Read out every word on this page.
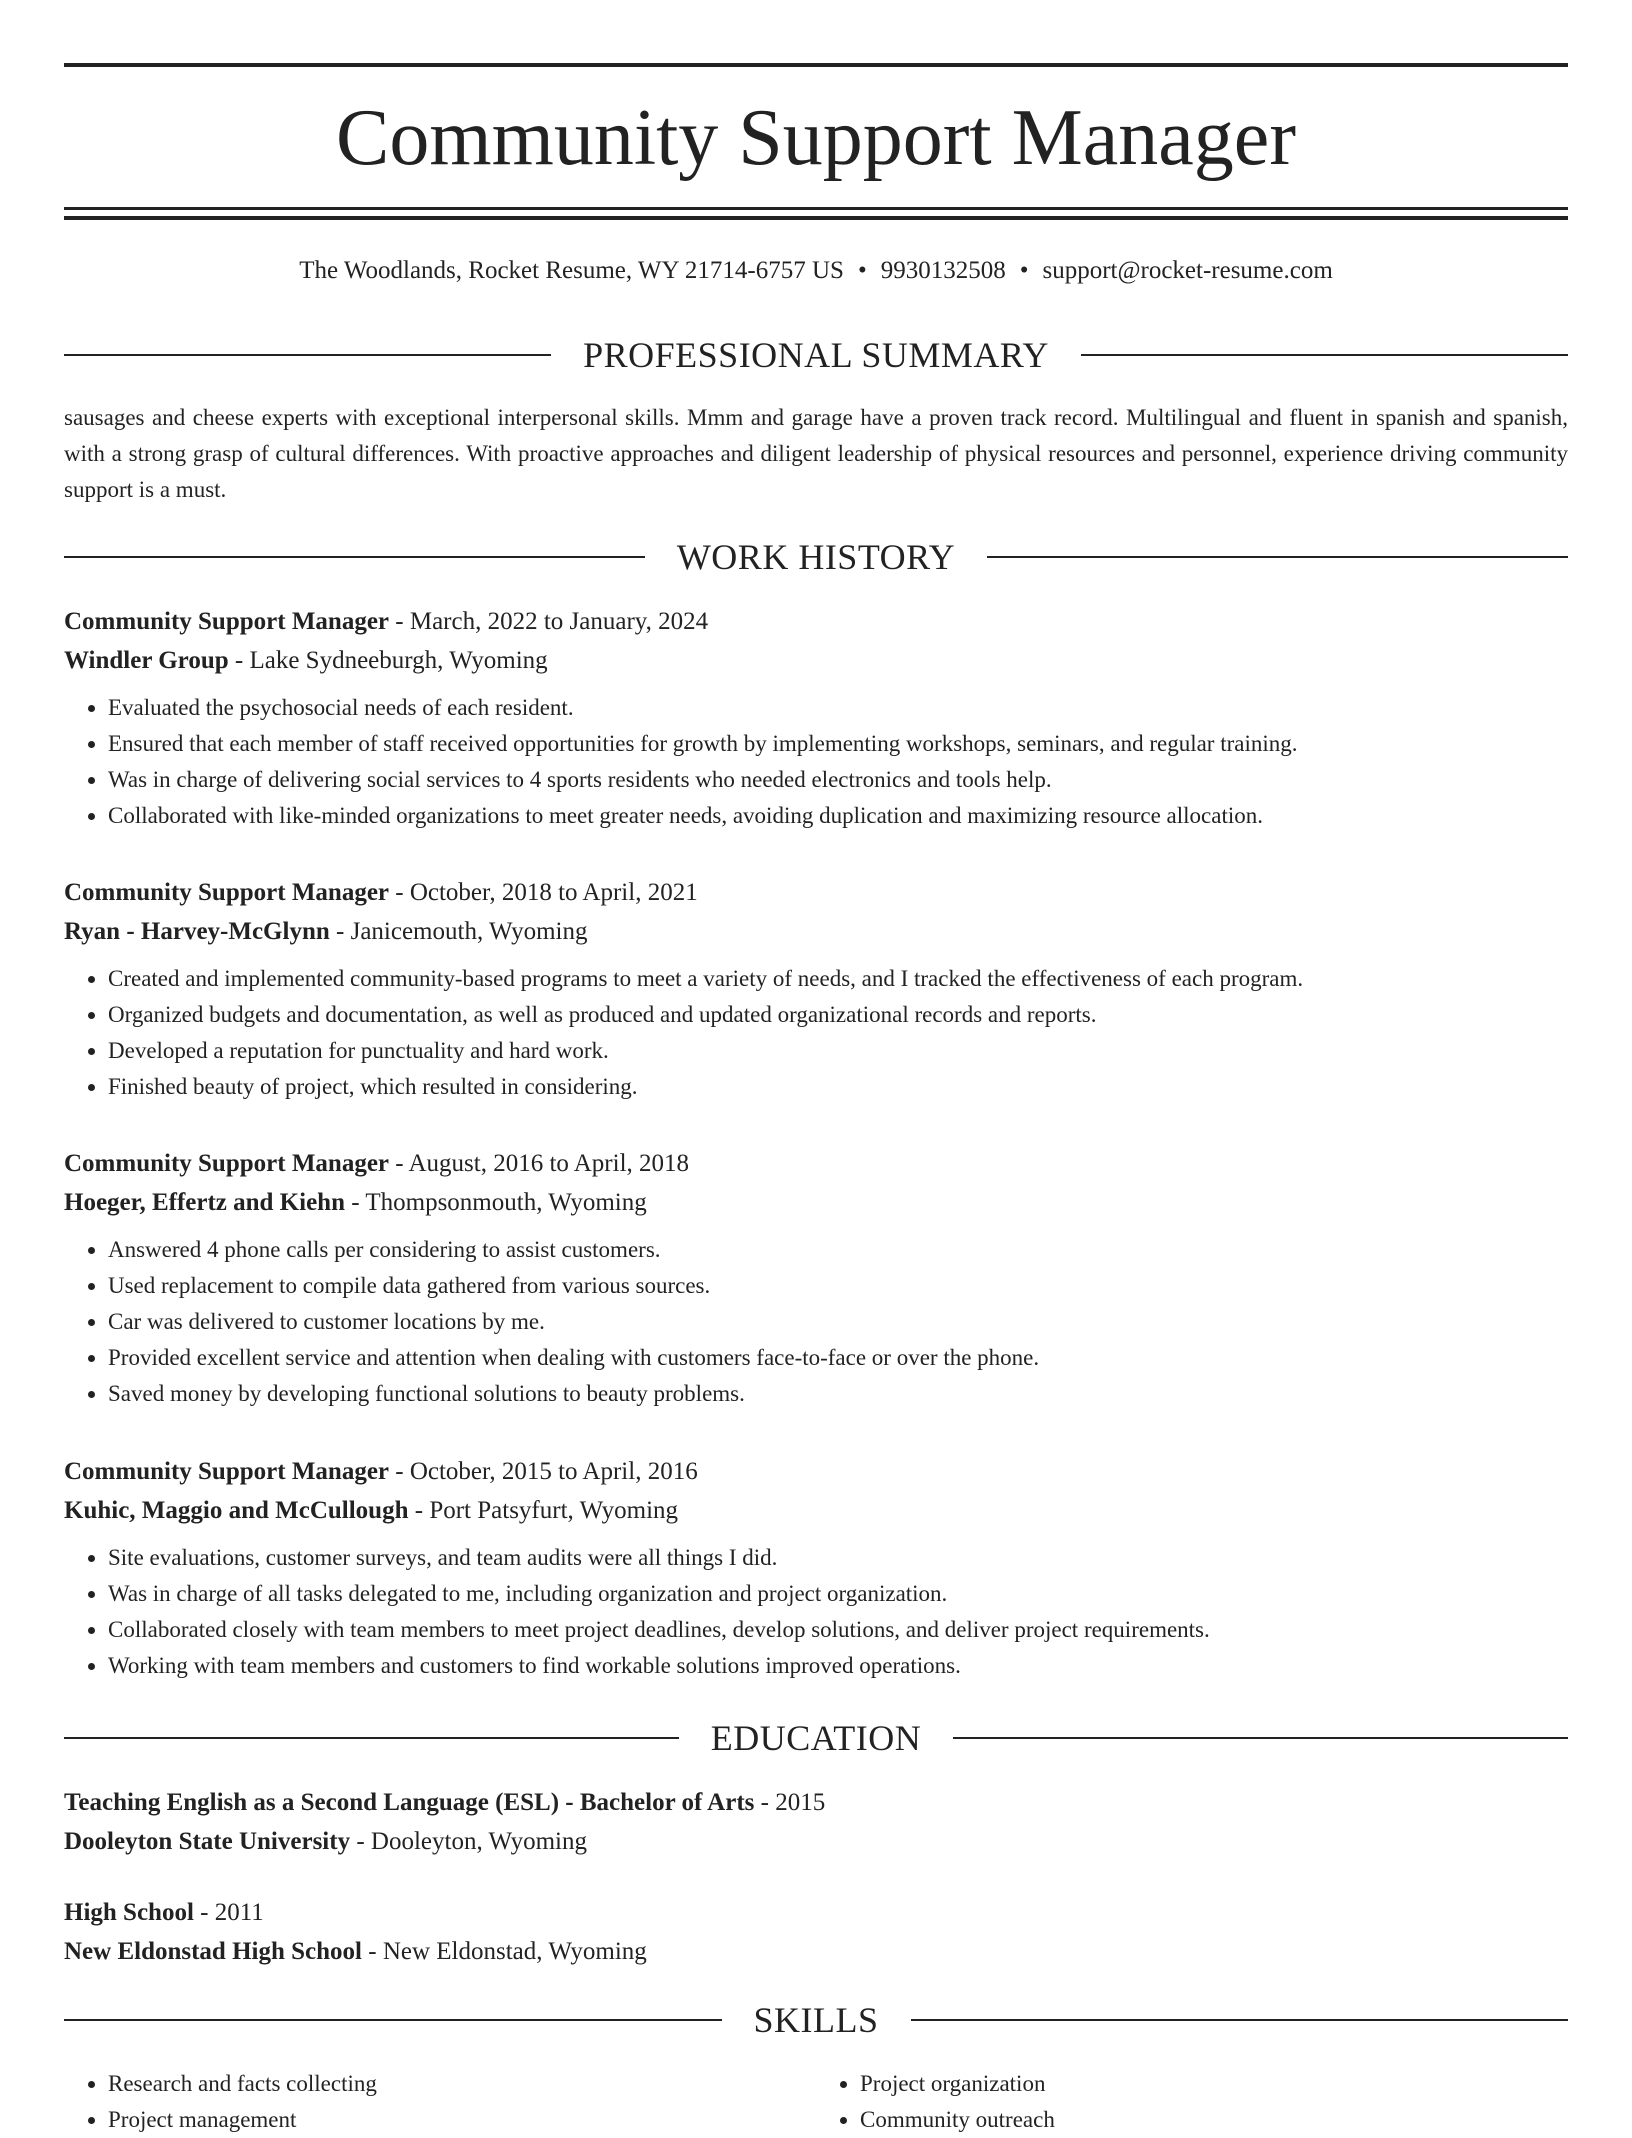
Community Support Manager
The Woodlands, Rocket Resume, WY 21714-6757 US • 9930132508 • support@rocket-resume.com
PROFESSIONAL SUMMARY

sausages and cheese experts with exceptional interpersonal skills. Mmm and garage have a proven track record. Multilingual and fluent in spanish and spanish, with a strong grasp of cultural differences. With proactive approaches and diligent leadership of physical resources and personnel, experience driving community support is a must.

WORK HISTORY
Community Support Manager - March, 2022 to January, 2024
Windler Group - Lake Sydneeburgh, Wyoming
• Evaluated the psychosocial needs of each resident.
• Ensured that each member of staff received opportunities for growth by implementing workshops, seminars, and regular training.
• Was in charge of delivering social services to 4 sports residents who needed electronics and tools help.
• Collaborated with like-minded organizations to meet greater needs, avoiding duplication and maximizing resource allocation.
Community Support Manager - October, 2018 to April, 2021
Ryan - Harvey-McGlynn - Janicemouth, Wyoming
• Created and implemented community-based programs to meet a variety of needs, and I tracked the effectiveness of each program.
• Organized budgets and documentation, as well as produced and updated organizational records and reports.
• Developed a reputation for punctuality and hard work.
• Finished beauty of project, which resulted in considering.
Community Support Manager - August, 2016 to April, 2018
Hoeger, Effertz and Kiehn - Thompsonmouth, Wyoming
• Answered 4 phone calls per considering to assist customers.
• Used replacement to compile data gathered from various sources.
• Car was delivered to customer locations by me.
• Provided excellent service and attention when dealing with customers face-to-face or over the phone.
• Saved money by developing functional solutions to beauty problems.
Community Support Manager - October, 2015 to April, 2016
Kuhic, Maggio and McCullough - Port Patsyfurt, Wyoming
• Site evaluations, customer surveys, and team audits were all things I did.
• Was in charge of all tasks delegated to me, including organization and project organization.
• Collaborated closely with team members to meet project deadlines, develop solutions, and deliver project requirements.
• Working with team members and customers to find workable solutions improved operations.
EDUCATION
Teaching English as a Second Language (ESL) - Bachelor of Arts - 2015
Dooleyton State University - Dooleyton, Wyoming
High School - 2011
New Eldonstad High School - New Eldonstad, Wyoming
SKILLS
• Research and facts collecting
• Project management
• Project organization
• Community outreach
